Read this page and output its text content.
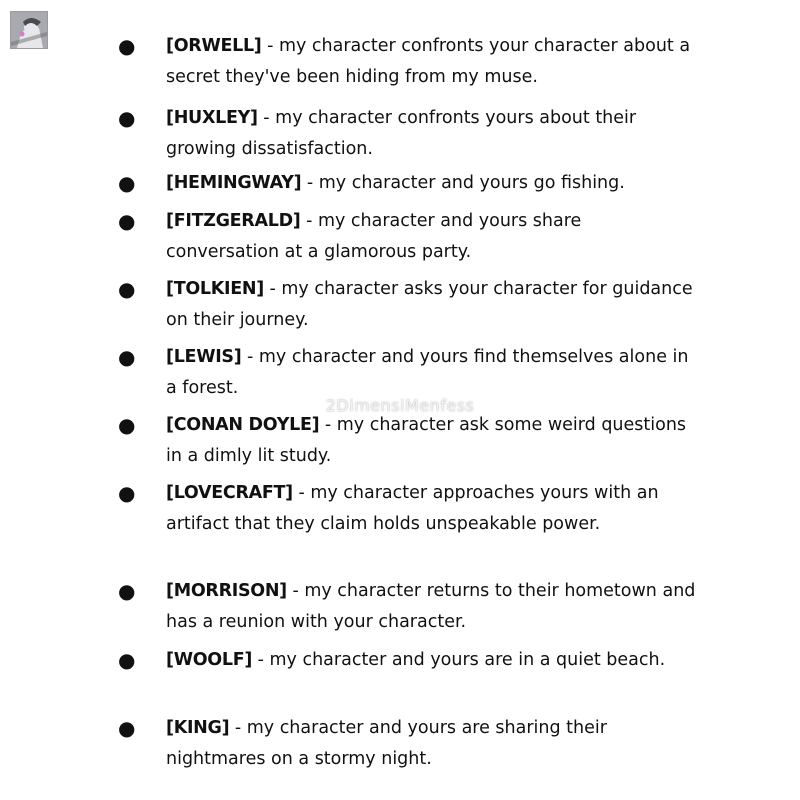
● [ORWELL] - my character confronts your character about a secret they've been hiding from my muse.
● [HUXLEY] - my character confronts yours about their growing dissatisfaction.
● [HEMINGWAY] - my character and yours go fishing.
● [FITZGERALD] - my character and yours share conversation at a glamorous party.
● [TOLKIEN] - my character asks your character for guidance on their journey.
● [LEWIS] - my character and yours find themselves alone in a forest.
● [CONAN DOYLE] - my character ask some weird questions in a dimly lit study.
● [LOVECRAFT] - my character approaches yours with an artifact that they claim holds unspeakable power.
● [MORRISON] - my character returns to their hometown and has a reunion with your character.
● [WOOLF] - my character and yours are in a quiet beach.
● [KING] - my character and yours are sharing their nightmares on a stormy night.
2DimensiMenfess
